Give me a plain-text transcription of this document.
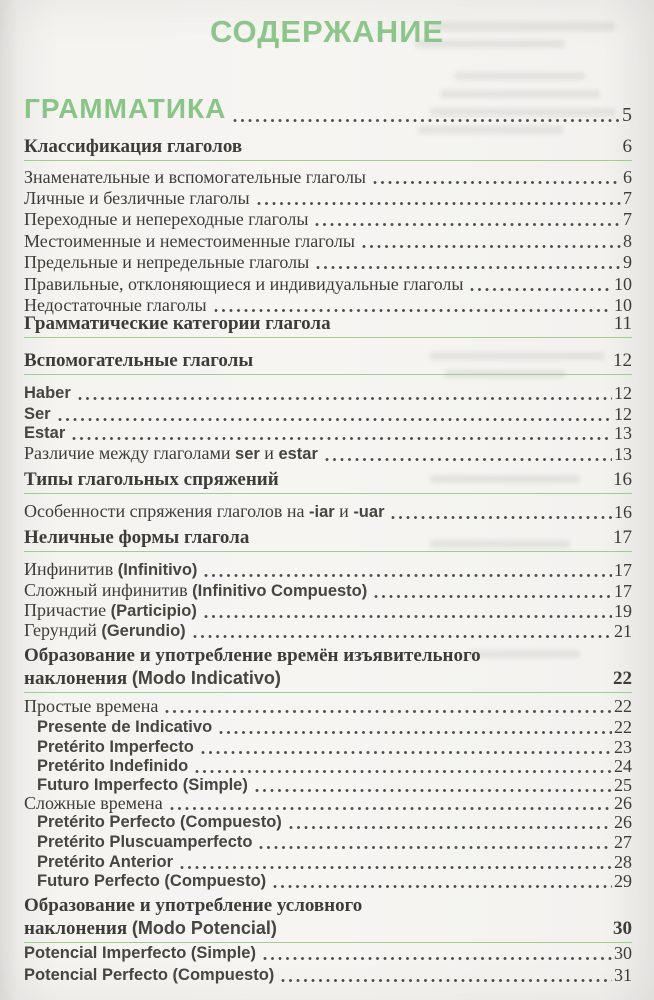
СОДЕРЖАНИЕ
ГРАММАТИКА	5
Классификация глаголов	6
Знаменательные и вспомогательные глаголы	6
Личные и безличные глаголы	7
Переходные и непереходные глаголы	7
Местоименные и неместоименные глаголы	8
Предельные и непредельные глаголы	9
Правильные, отклоняющиеся и индивидуальные глаголы	10
Недостаточные глаголы	10
Грамматические категории глагола	11
Вспомогательные глаголы	12
Haber	12
Ser	12
Estar	13
Различие между глаголами ser и estar	13
Типы глагольных спряжений	16
Особенности спряжения глаголов на -iar и -uar	16
Неличные формы глагола	17
Инфинитив (Infinitivo)	17
Сложный инфинитив (Infinitivo Compuesto)	17
Причастие (Participio)	19
Герундий (Gerundio)	21
Образование и употребление времён изъявительного
наклонения (Modo Indicativo)	22
Простые времена	22
Presente de Indicativo	22
Pretérito Imperfecto	23
Pretérito Indefinido	24
Futuro Imperfecto (Simple)	25
Сложные времена	26
Pretérito Perfecto (Compuesto)	26
Pretérito Pluscuamperfecto	27
Pretérito Anterior	28
Futuro Perfecto (Compuesto)	29
Образование и употребление условного
наклонения (Modo Potencial)	30
Potencial Imperfecto (Simple)	30
Potencial Perfecto (Compuesto)	31
